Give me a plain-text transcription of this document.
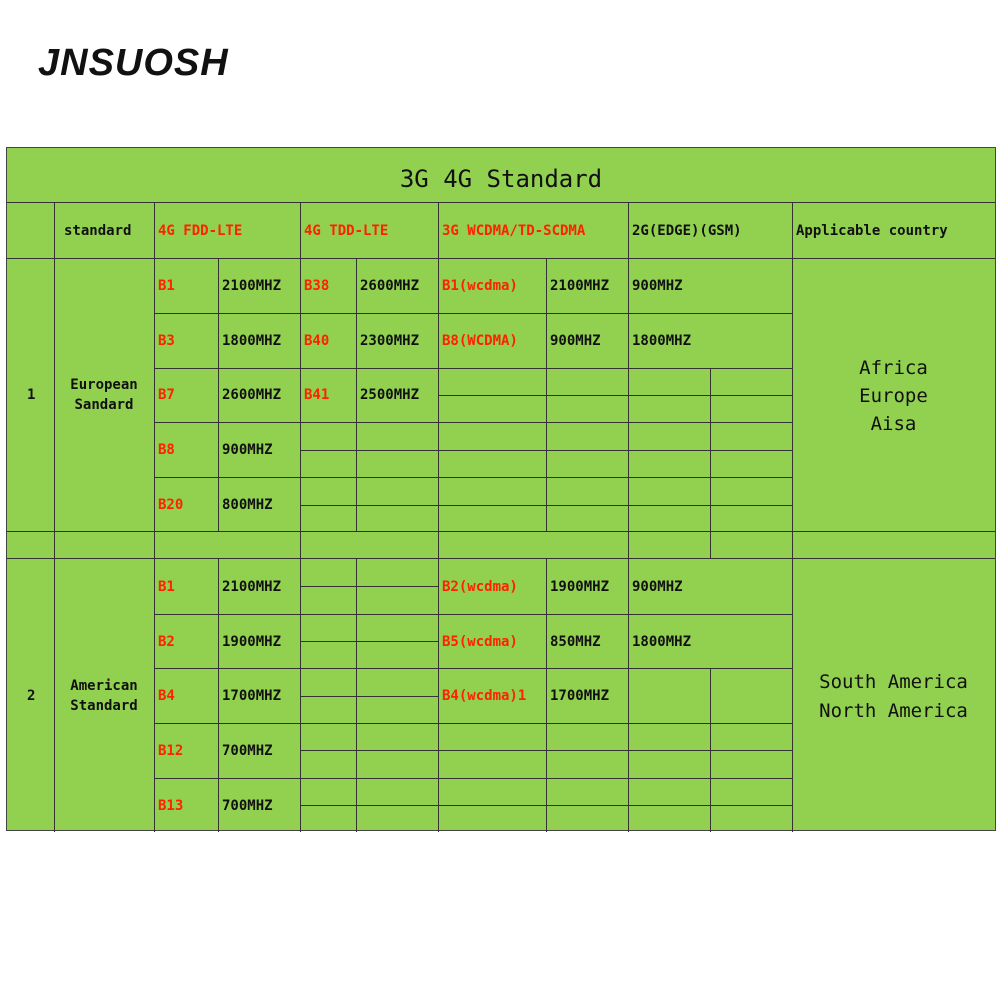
JNSUOSH
3G 4G Standard
standard 4G FDD-LTE	4G TDD-LTE	3G WCDMA/TD-SCDMA	2G(EDGE)(GSM)	Applicable country
1
European
Sandard
B1	2100MHZ B38 2600MHZ B1(wcdma) 2100MHZ 900MHZ
B3	1800MHZ B40 2300MHZ B8(WCDMA) 900MHZ 1800MHZ
B7	2600MHZ B41 2500MHZ
B8	900MHZ
B20	800MHZ
Africa
Europe
Aisa
2
American
Standard
B1	2100MHZ	B2(wcdma) 1900MHZ 900MHZ
B2	1900MHZ	B5(wcdma) 850MHZ 1800MHZ
B4	1700MHZ	B4(wcdma)1 1700MHZ
B12	700MHZ
B13	700MHZ
South America
North America
